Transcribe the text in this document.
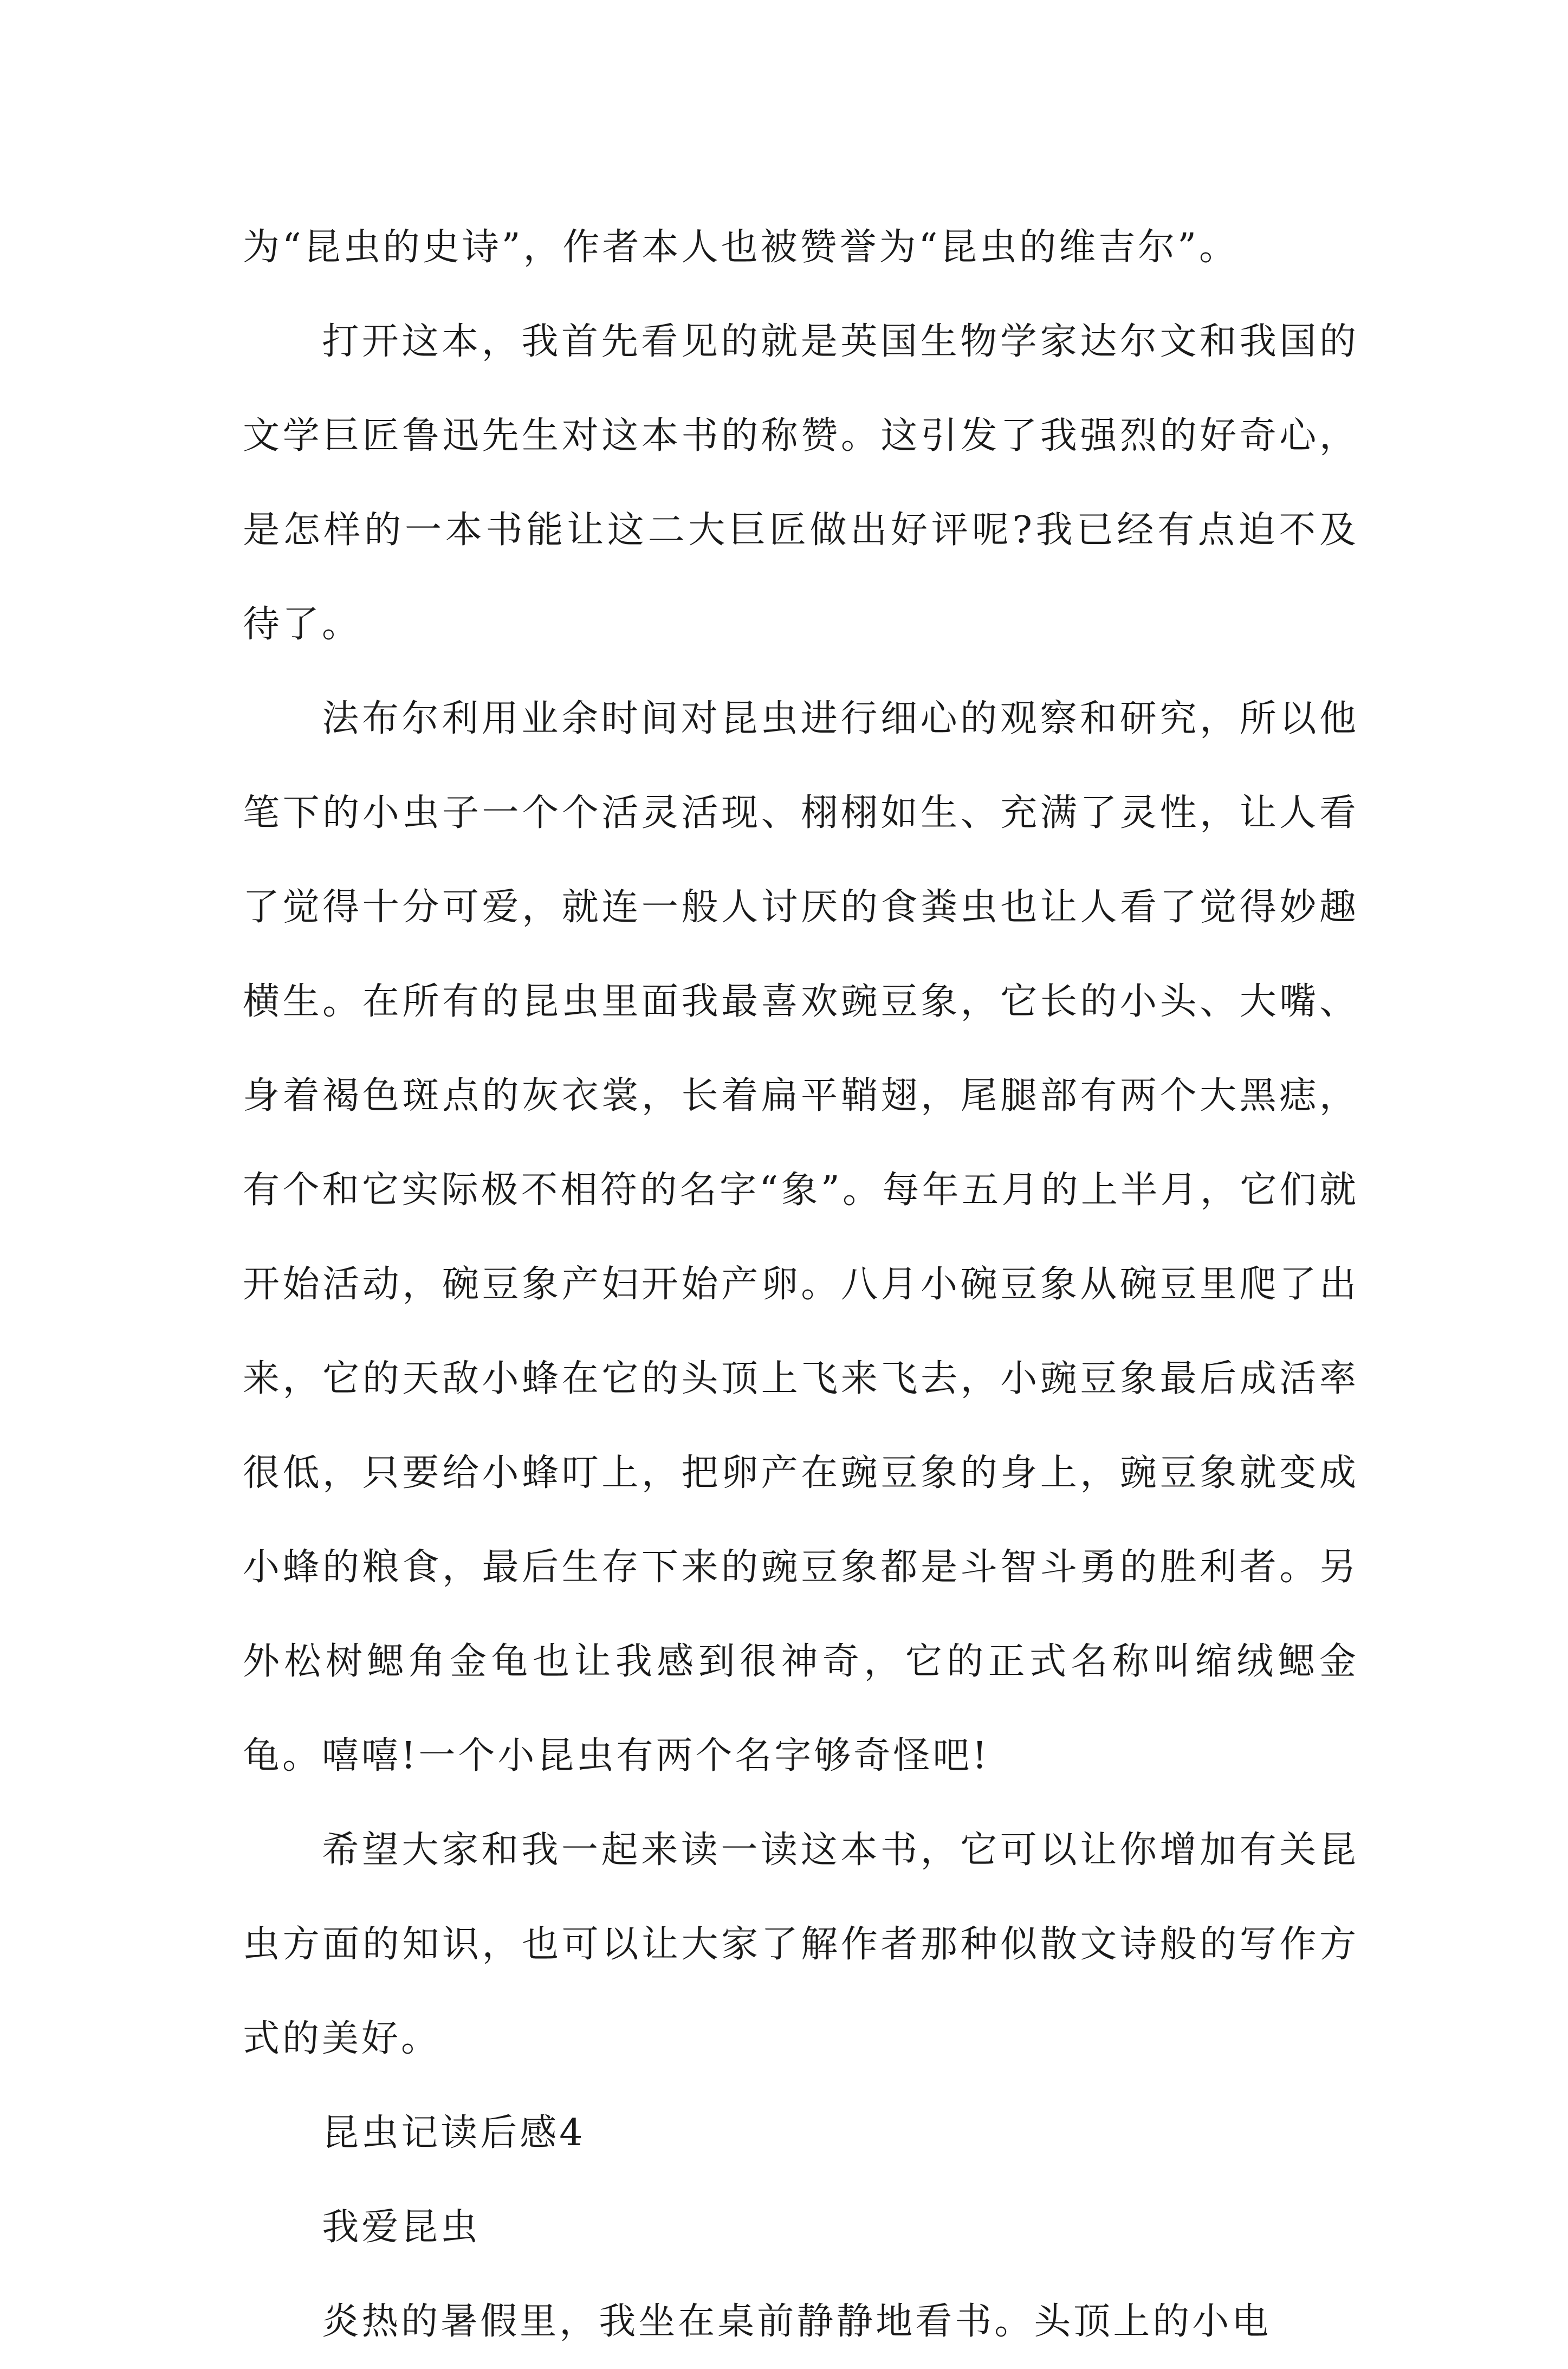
为“昆虫的史诗”，作者本人也被赞誉为“昆虫的维吉尔”。

打开这本，我首先看见的就是英国生物学家达尔文和我国的文学巨匠鲁迅先生对这本书的称赞。这引发了我强烈的好奇心，是怎样的一本书能让这二大巨匠做出好评呢?我已经有点迫不及待了。

法布尔利用业余时间对昆虫进行细心的观察和研究，所以他笔下的小虫子一个个活灵活现、栩栩如生、充满了灵性，让人看了觉得十分可爱，就连一般人讨厌的食粪虫也让人看了觉得妙趣横生。在所有的昆虫里面我最喜欢豌豆象，它长的小头、大嘴、身着褐色斑点的灰衣裳，长着扁平鞘翅，尾腿部有两个大黑痣，有个和它实际极不相符的名字“象”。每年五月的上半月，它们就开始活动，碗豆象产妇开始产卵。八月小碗豆象从碗豆里爬了出来，它的天敌小蜂在它的头顶上飞来飞去，小豌豆象最后成活率很低，只要给小蜂叮上，把卵产在豌豆象的身上，豌豆象就变成小蜂的粮食，最后生存下来的豌豆象都是斗智斗勇的胜利者。另外松树鳃角金龟也让我感到很神奇，它的正式名称叫缩绒鳃金龟。嘻嘻!一个小昆虫有两个名字够奇怪吧!

希望大家和我一起来读一读这本书，它可以让你增加有关昆虫方面的知识，也可以让大家了解作者那种似散文诗般的写作方式的美好。

昆虫记读后感4

我爱昆虫

炎热的暑假里，我坐在桌前静静地看书。头顶上的小电
